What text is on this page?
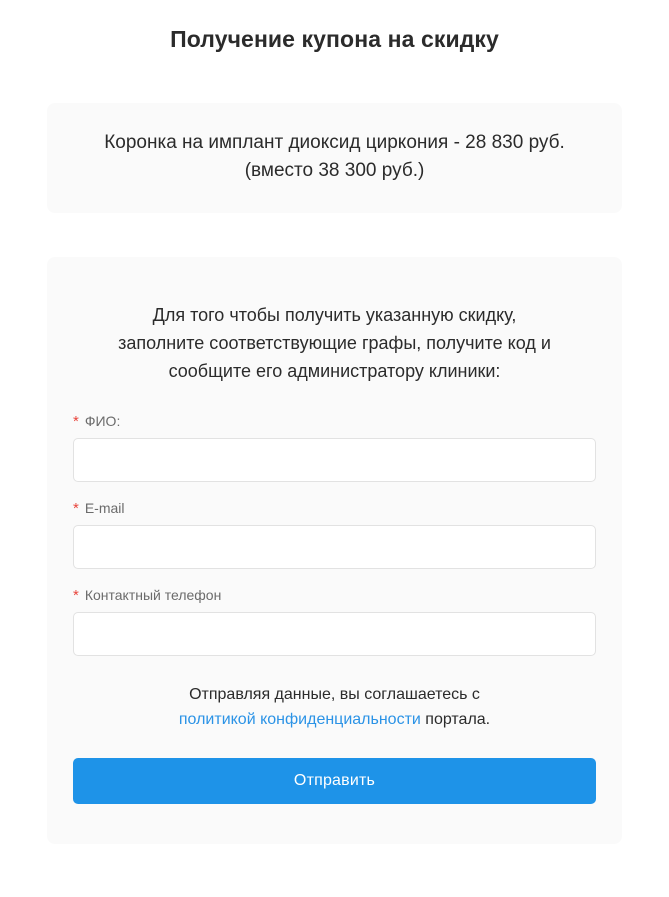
Получение купона на скидку
Коронка на имплант диоксид циркония - 28 830 руб.
(вместо 38 300 руб.)
Для того чтобы получить указанную скидку,
заполните соответствующие графы, получите код и
сообщите его администратору клиники:
* ФИО:
* E-mail
* Контактный телефон
Отправляя данные, вы соглашаетесь с
политикой конфиденциальности портала.
Отправить
